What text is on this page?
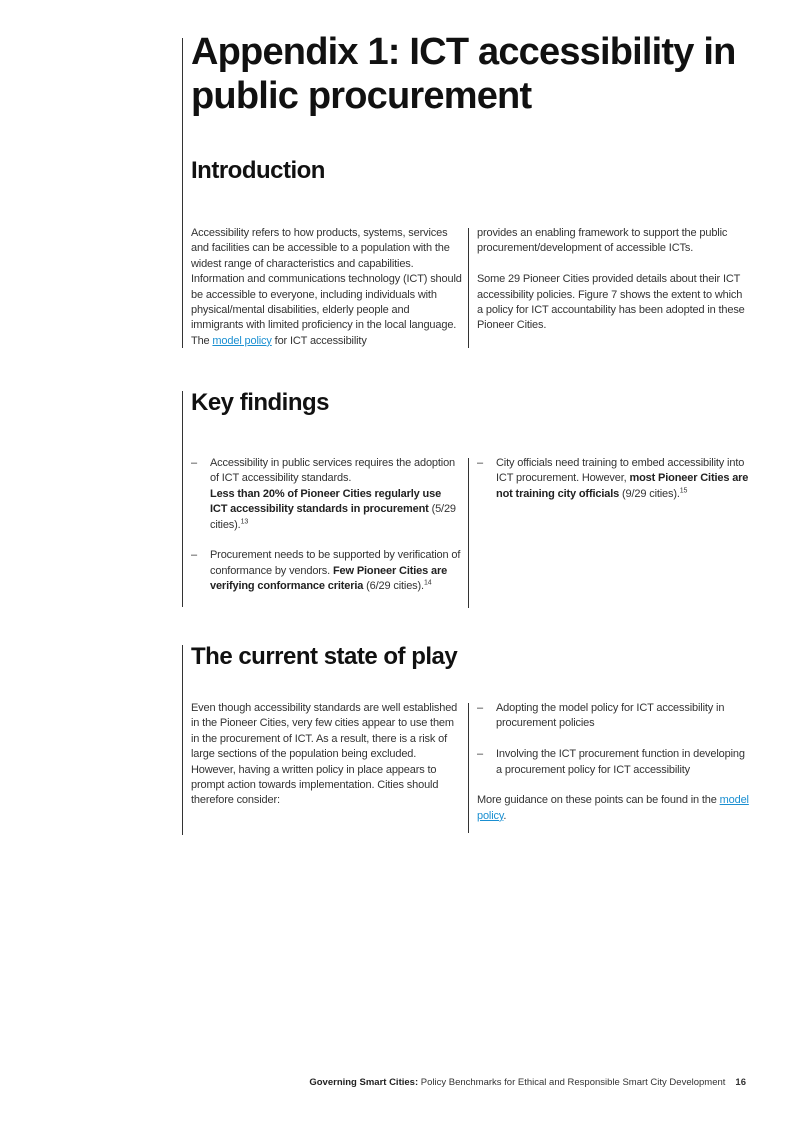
Appendix 1: ICT accessibility in public procurement
Introduction

Accessibility refers to how products, systems, services and facilities can be accessible to a population with the widest range of characteristics and capabilities. Information and communications technology (ICT) should be accessible to everyone, including individuals with physical/mental disabilities, elderly people and immigrants with limited proficiency in the local language. The model policy for ICT accessibility

provides an enabling framework to support the public procurement/development of accessible ICTs.

Some 29 Pioneer Cities provided details about their ICT accessibility policies. Figure 7 shows the extent to which a policy for ICT accountability has been adopted in these Pioneer Cities.

Key findings
– Accessibility in public services requires the adoption of ICT accessibility standards.
Less than 20% of Pioneer Cities regularly use ICT accessibility standards in procurement (5/29 cities).$^{13}$
– Procurement needs to be supported by verification of conformance by vendors. Few Pioneer Cities are verifying conformance criteria (6/29 cities).$^{14}$
– City officials need training to embed accessibility into ICT procurement. However, most Pioneer Cities are not training city officials (9/29 cities).$^{15}$
The current state of play

Even though accessibility standards are well established in the Pioneer Cities, very few cities appear to use them in the procurement of ICT. As a result, there is a risk of large sections of the population being excluded. However, having a written policy in place appears to prompt action towards implementation. Cities should therefore consider:

– Adopting the model policy for ICT accessibility in procurement policies
– Involving the ICT procurement function in developing a procurement policy for ICT accessibility

More guidance on these points can be found in the model policy.

Governing Smart Cities: Policy Benchmarks for Ethical and Responsible Smart City Development 16
